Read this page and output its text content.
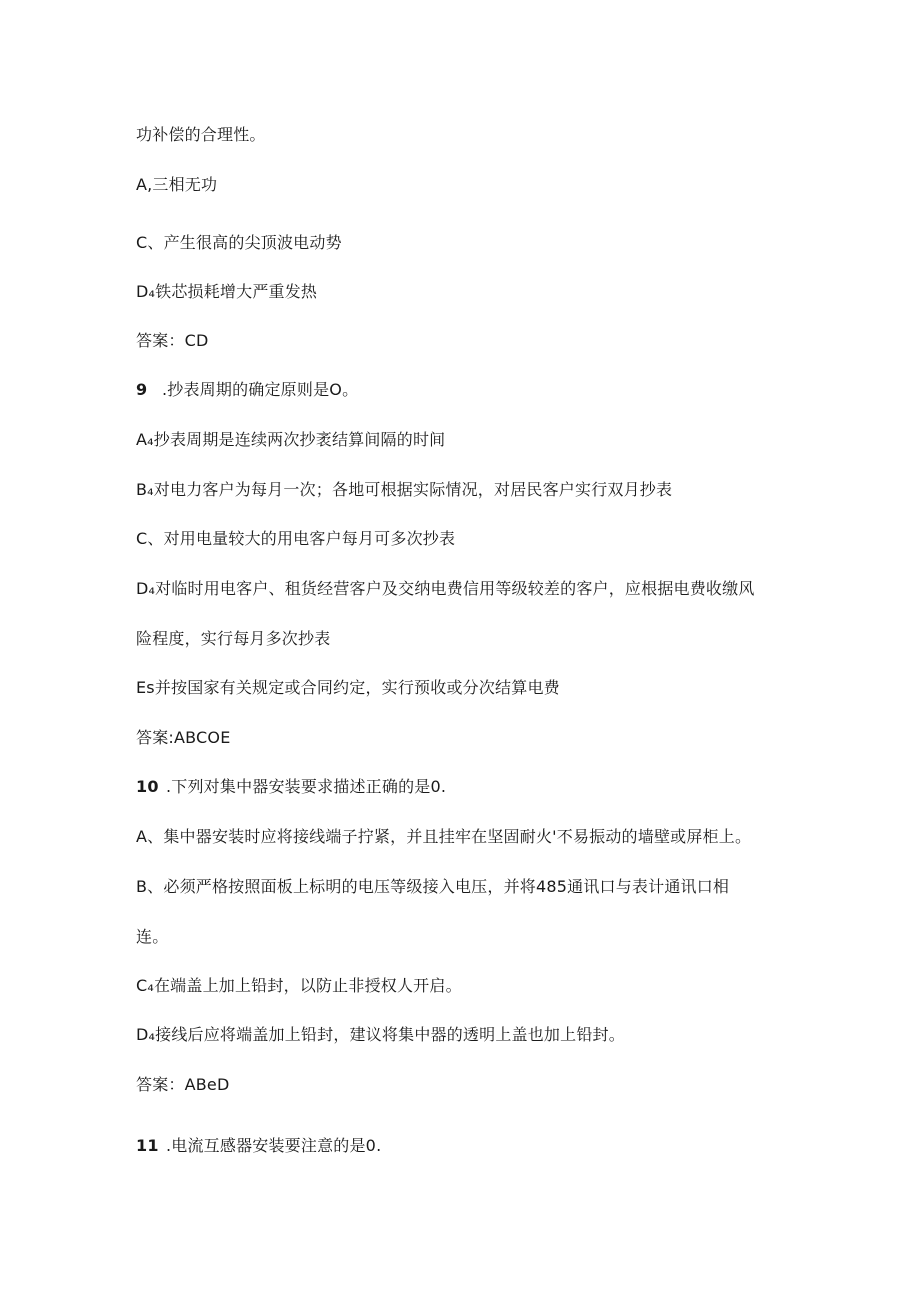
功补偿的合理性。
A,三相无功
C、产生很高的尖顶波电动势
D₄铁芯损耗增大严重发热
答案：CD
9 .抄表周期的确定原则是O。
A₄抄表周期是连续两次抄袤结算间隔的时间
B₄对电力客户为每月一次；各地可根据实际情况，对居民客户实行双月抄表
C、对用电量较大的用电客户每月可多次抄表
D₄对临时用电客户、租货经营客户及交纳电费信用等级较差的客户，应根据电费收缴风
险程度，实行每月多次抄表
Es并按国家有关规定或合同约定，实行预收或分次结算电费
答案:ABCOE
10 .下列对集中器安装要求描述正确的是0.
A、集中器安装时应将接线端子拧紧，并且挂牢在坚固耐火'不易振动的墙壁或屏柜上。
B、必须严格按照面板上标明的电压等级接入电压，并将485通讯口与表计通讯口相
连。
C₄在端盖上加上铅封，以防止非授权人开启。
D₄接线后应将端盖加上铅封，建议将集中器的透明上盖也加上铅封。
答案：ABeD
11 .电流互感器安装要注意的是0.
